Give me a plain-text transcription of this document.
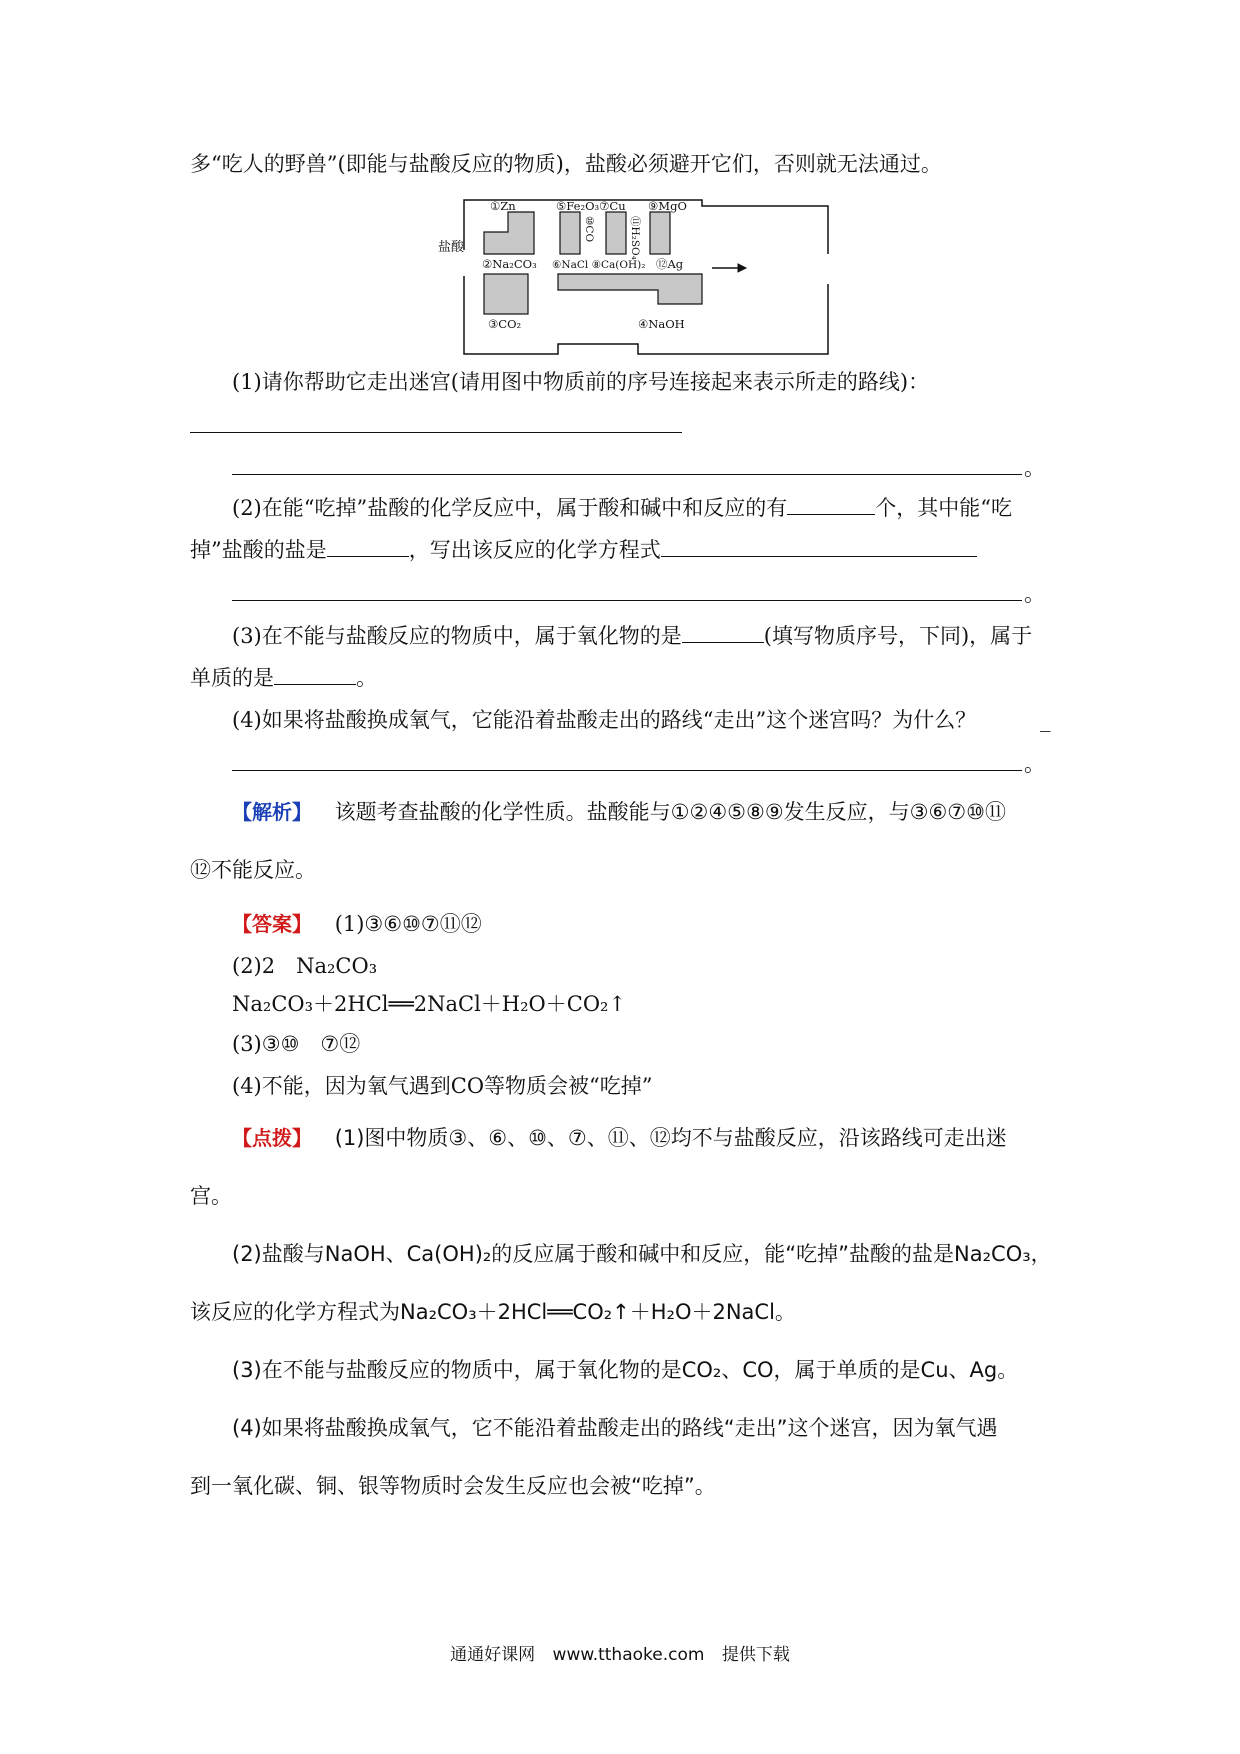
多“吃人的野兽”(即能与盐酸反应的物质)，盐酸必须避开它们，否则就无法通过。
①Zn	⑤Fe₂O₃⑦Cu ⑨MgO
⑩CO	⑪H₂SO₄
②Na₂CO₃ ⑥NaCl ⑧Ca(OH)₂ ⑫Ag
③CO₂	④NaOH
盐酸
(1)请你帮助它走出迷宫(请用图中物质前的序号连接起来表示所走的路线)：
。
(2)在能“吃掉”盐酸的化学反应中，属于酸和碱中和反应的有	个，其中能“吃
掉”盐酸的盐是	，写出该反应的化学方程式
。
(3)在不能与盐酸反应的物质中，属于氧化物的是	(填写物质序号，下同)，属于
单质的是	。
(4)如果将盐酸换成氧气，它能沿着盐酸走出的路线“走出”这个迷宫吗？为什么？	_
。
【解析】 该题考查盐酸的化学性质。盐酸能与①②④⑤⑧⑨发生反应，与③⑥⑦⑩⑪
⑫不能反应。
【答案】 (1)③⑥⑩⑦⑪⑫
(2)2　Na₂CO₃
Na₂CO₃＋2HCl══2NaCl＋H₂O＋CO₂↑
(3)③⑩　⑦⑫
(4)不能，因为氧气遇到CO等物质会被“吃掉”
【点拨】 (1)图中物质③、⑥、⑩、⑦、⑪、⑫均不与盐酸反应，沿该路线可走出迷
宫。
(2)盐酸与NaOH、Ca(OH)₂的反应属于酸和碱中和反应，能“吃掉”盐酸的盐是Na₂CO₃，
该反应的化学方程式为Na₂CO₃＋2HCl══CO₂↑＋H₂O＋2NaCl。
(3)在不能与盐酸反应的物质中，属于氧化物的是CO₂、CO，属于单质的是Cu、Ag。
(4)如果将盐酸换成氧气，它不能沿着盐酸走出的路线“走出”这个迷宫，因为氧气遇
到一氧化碳、铜、银等物质时会发生反应也会被“吃掉”。
通通好课网 www.tthaoke.com 提供下载
